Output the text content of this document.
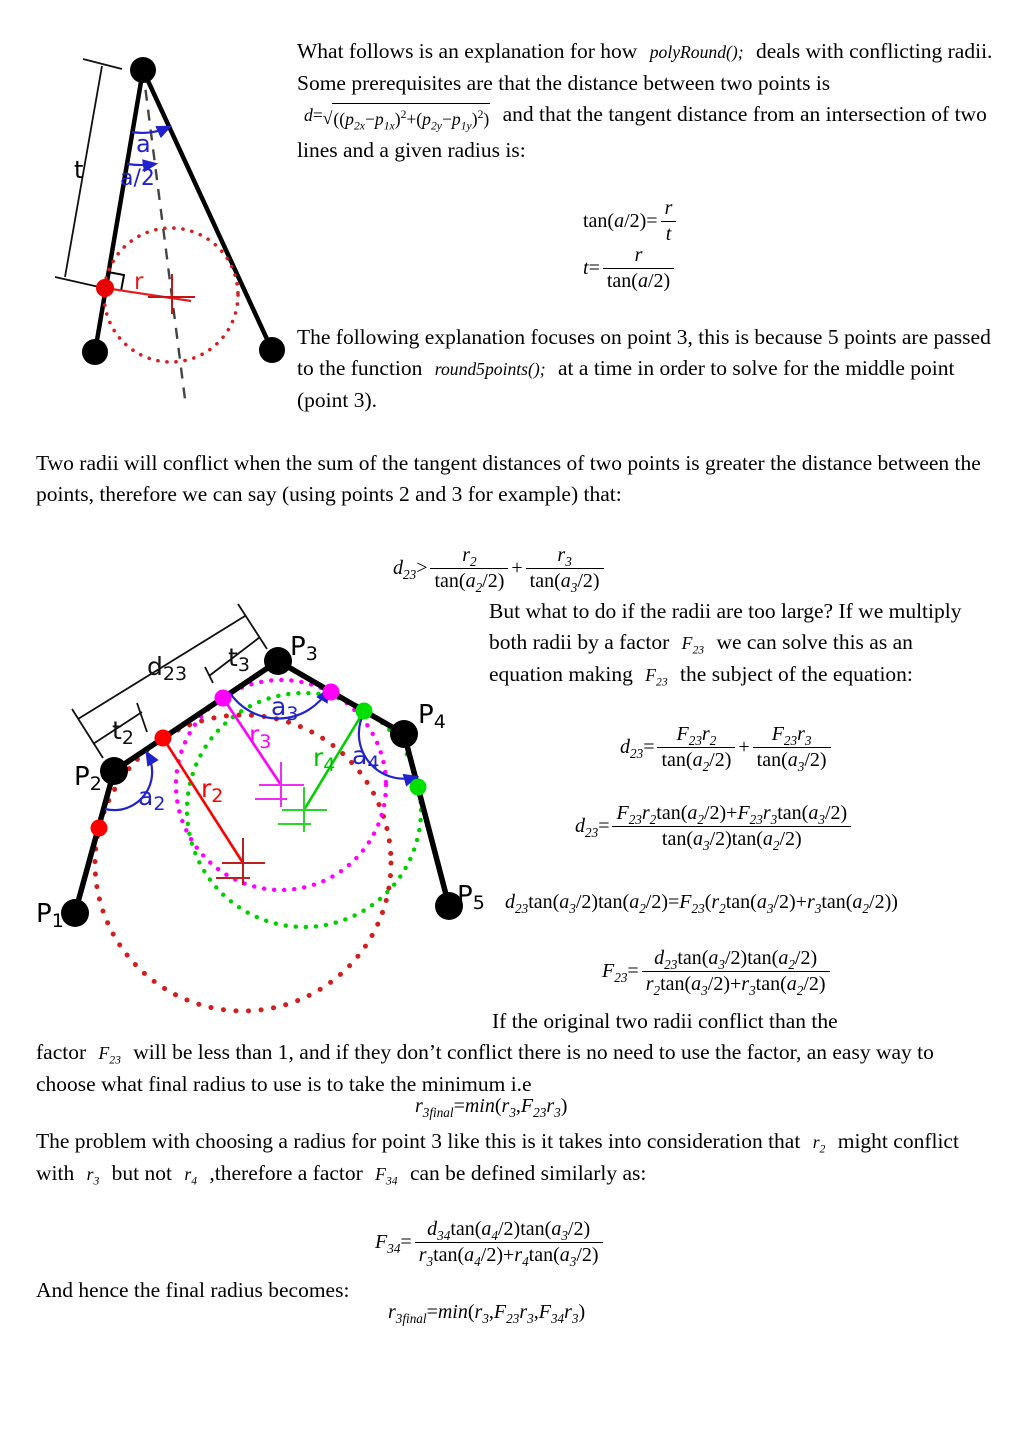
t
a
a/2
r
What follows is an explanation for how polyRound(); deals with conflicting radii. Some prerequisites are that the distance between two points is d= √ $((p_{2x}-p_{1x})^2+(p_{2y}-p_{1y})^2)$ and that the tangent distance from an intersection of two lines and a given radius is:
tan( a $/2)= \frac{r}{t}$
$t = \frac{r}{\tan(a/2)}$
The following explanation focuses on point 3, this is because 5 points are passed to the function round5points(); at a time in order to solve for the middle point (point 3).
Two radii will conflict when the sum of the tangent distances of two points is greater the distance between the points, therefore we can say (using points 2 and 3 for example) that:
$d_{23} > \frac{r_2}{\tan(a_2/2)} + \frac{r_3}{\tan(a_3/2)}$
But what to do if the radii are too large? If we multiply both radii by a factor $F_{23}$ we can solve this as an equation making $F_{23}$ the subject of the equation:
$d_{23} = \frac{F_{23}r_2}{\tan(a_2/2)} + \frac{F_{23}r_3}{\tan(a_3/2)}$
$d_{23} = \frac{F_{23}r_2\tan(a_2/2)+F_{23}r_3\tan(a_3/2)}{\tan(a_3/2)\tan(a_2/2)}$
$d_{23}$ tan( $a_3$ /2)tan( $a_2$ $/2)= F_{23}$ ( $r_2$ tan( $a_3$ $/2)+ r_3$ tan( $a_2$ /2))
$F_{23} = \frac{d_{23}\tan(a_3/2)\tan(a_2/2)}{r_2\tan(a_3/2)+r_3\tan(a_2/2)}$
If the original two radii conflict than the
factor $F_{23}$ will be less than 1, and if they don’t conflict there is no need to use the factor, an easy way to choose what final radius to use is to take the minimum i.e
$r_{3final} = \min$ ( $r_3$ , $F_{23}$ $r_3$ )
The problem with choosing a radius for point 3 like this is it takes into consideration that $r_2$ might conflict with $r_3$ but not $r_4$ ,therefore a factor $F_{34}$ can be defined similarly as:
$F_{34} = \frac{d_{34}\tan(a_4/2)\tan(a_3/2)}{r_3\tan(a_4/2)+r_4\tan(a_3/2)}$
And hence the final radius becomes:
$r_{3final} = \min$ ( $r_3$ , $F_{23}$ $r_3$ , $F_{34}$ $r_3$ )
P1
P2
P3
P4
P5
$d_{23}$
$t_3$
$t_2$
$a_2$
$a_3$
$a_4$
$r_2$
$r_3$
$r_4$
